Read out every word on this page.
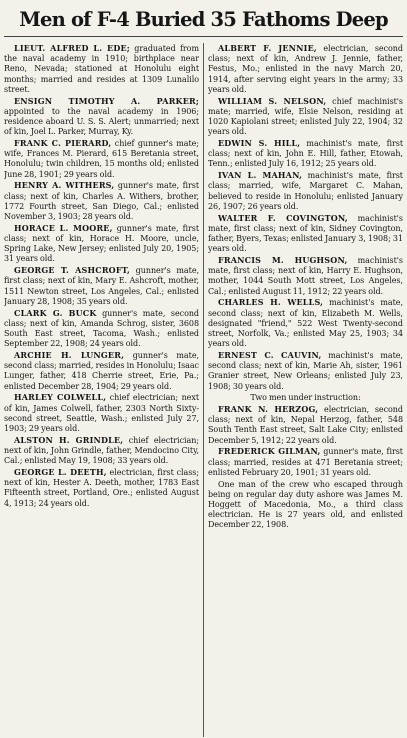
Men of F-4 Buried 35 Fathoms Deep

LIEUT. ALFRED L. EDE; graduated from the naval academy in 1910; birthplace near Reno, Nevada; stationed at Honolulu eight months; married and resides at 1309 Lunalilo street.

ENSIGN TIMOTHY A. PARKER; appointed to the naval academy in 1906; residence aboard U. S. S. Alert; unmarried; next of kin, Joel L. Parker, Murray, Ky.

FRANK C. PIERARD, chief gunner's mate; wife, Frances M. Pierard, 615 Beretania street, Honolulu; twin children, 15 months old; enlisted June 28, 1901; 29 years old.

HENRY A. WITHERS, gunner's mate, first class; next of kin, Charles A. Withers, brother, 1772 Fourth street, San Diego, Cal.; enlisted November 3, 1903; 28 years old.

HORACE L. MOORE, gunner's mate, first class; next of kin, Horace H. Moore, uncle, Spring Lake, New Jersey; enlisted July 20, 1905; 31 years old.

GEORGE T. ASHCROFT, gunner's mate, first class; next of kin, Mary E. Ashcroft, mother, 1511 Newton street, Los Angeles, Cal.; enlisted January 28, 1908; 35 years old.

CLARK G. BUCK gunner's mate, second class; next of kin, Amanda Schrog, sister, 3608 South East street, Tacoma, Wash.; enlisted September 22, 1908; 24 years old.

ARCHIE H. LUNGER, gunner's mate, second class; married, resides in Honolulu; Isaac Lunger, father, 418 Cherrie street, Erie, Pa.; enlisted December 28, 1904; 29 years old.

HARLEY COLWELL, chief electrician; next of kin, James Colwell, father, 2303 North Sixty-second street, Seattle, Wash.; enlisted July 27, 1903; 29 years old.

ALSTON H. GRINDLE, chief electrician; next of kin, John Grindle, father, Mendocino City, Cal.; enlisted May 19, 1908; 33 years old.

GEORGE L. DEETH, electrician, first class; next of kin, Hester A. Deeth, mother, 1783 East Fifteenth street, Portland, Ore.; enlisted August 4, 1913; 24 years old.

ALBERT F. JENNIE, electrician, second class; next of kin, Andrew J. Jennie, father, Festus, Mo.; enlisted in the navy March 20, 1914, after serving eight years in the army; 33 years old.

WILLIAM S. NELSON, chief machinist's mate; married, wife, Elsie Nelson, residing at 1020 Kapiolani street; enlisted July 22, 1904; 32 years old.

EDWIN S. HILL, machinist's mate, first class; next of kin, John E. Hill, father, Etowah, Tenn.; enlisted July 16, 1912; 25 years old.

IVAN L. MAHAN, machinist's mate, first class; married, wife, Margaret C. Mahan, believed to reside in Honolulu; enlisted January 26, 1907; 26 years old.

WALTER F. COVINGTON, machinist's mate, first class; next of kin, Sidney Covington, father, Byers, Texas; enlisted January 3, 1908; 31 years old.

FRANCIS M. HUGHSON, machinist's mate, first class; next of kin, Harry E. Hughson, mother, 1044 South Mott street, Los Angeles, Cal.; enlisted August 11, 1912; 22 years old.

CHARLES H. WELLS, machinist's mate, second class; next of kin, Elizabeth M. Wells, designated "friend," 522 West Twenty-second street, Norfolk, Va.; enlisted May 25, 1903; 34 years old.

ERNEST C. CAUVIN, machinist's mate, second class; next of kin, Marie Ah, sister, 1961 Granier street, New Orleans; enlisted July 23, 1908; 30 years old.

Two men under instruction:

FRANK N. HERZOG, electrician, second class; next of kin, Nepal Herzog, father, 548 South Tenth East street, Salt Lake City; enlisted December 5, 1912; 22 years old.

FREDERICK GILMAN, gunner's mate, first class; married, resides at 471 Beretania street; enlisted February 20, 1901; 31 years old.

One man of the crew who escaped through being on regular day duty ashore was James M. Hoggett of Macedonia, Mo., a third class electrician. He is 27 years old, and enlisted December 22, 1908.
